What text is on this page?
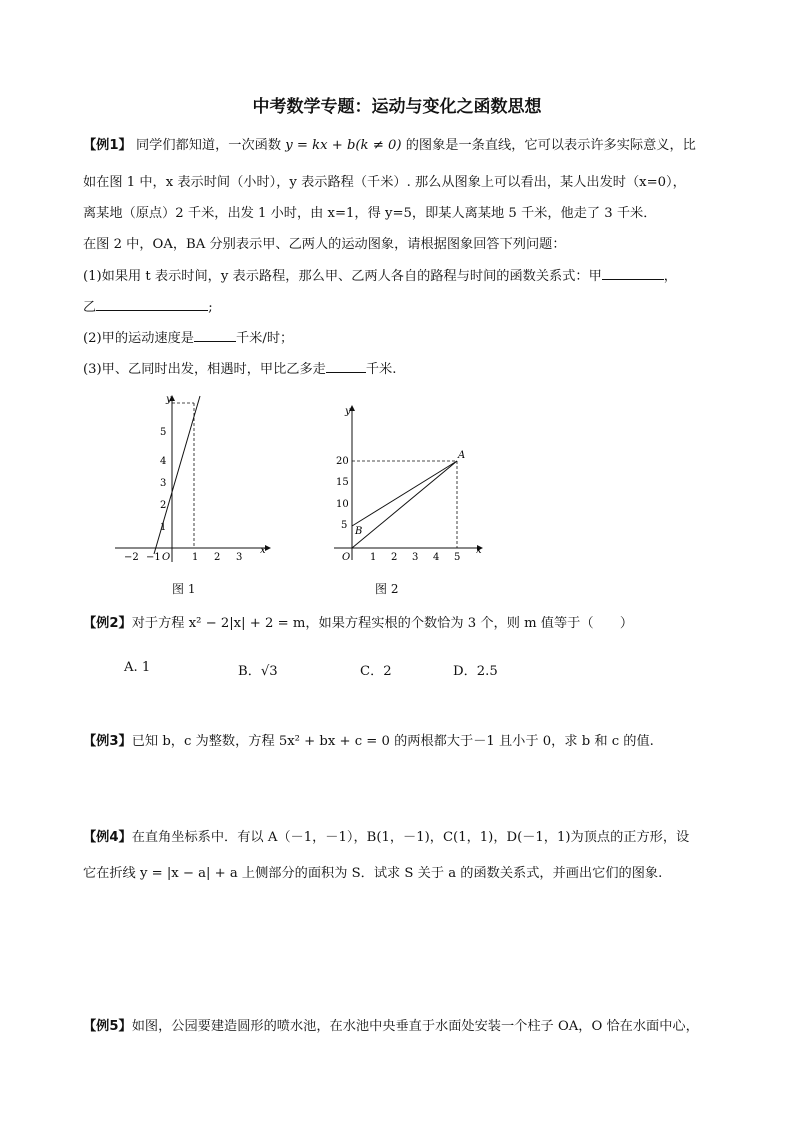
中考数学专题：运动与变化之函数思想
【例1】 同学们都知道，一次函数 y = kx + b(k ≠ 0) 的图象是一条直线，它可以表示许多实际意义，比
如在图 1 中，x 表示时间（小时），y 表示路程（千米）. 那么从图象上可以看出，某人出发时（x=0），
离某地（原点）2 千米，出发 1 小时，由 x=1，得 y=5，即某人离某地 5 千米，他走了 3 千米．
在图 2 中，OA，BA 分别表示甲、乙两人的运动图象，请根据图象回答下列问题：
(1)如果用 t 表示时间，y 表示路程，那么甲、乙两人各自的路程与时间的函数关系式：甲	，
乙	;
(2)甲的运动速度是	千米/时；
(3)甲、乙同时出发，相遇时，甲比乙多走	千米.
−2 −1 O 1 2 3
x
1
2
3
4
5
y
图 1
O 1 2 3 4 5
x
5
10
15
20
y
A
B
图 2
【例2】对于方程 x² − 2|x| + 2 = m，如果方程实根的个数恰为 3 个，则 m 值等于（　　）
A. 1	B．√3	C．2	D．2.5
【例3】已知 b，c 为整数，方程 5x² + bx + c = 0 的两根都大于－1 且小于 0，求 b 和 c 的值.
【例4】在直角坐标系中．有以 A（－1，－1），B(1，－1)，C(1，1)，D(－1，1)为顶点的正方形，设
它在折线 y = |x − a| + a 上侧部分的面积为 S．试求 S 关于 a 的函数关系式，并画出它们的图象.
【例5】如图，公园要建造圆形的喷水池，在水池中央垂直于水面处安装一个柱子 OA，O 恰在水面中心，
